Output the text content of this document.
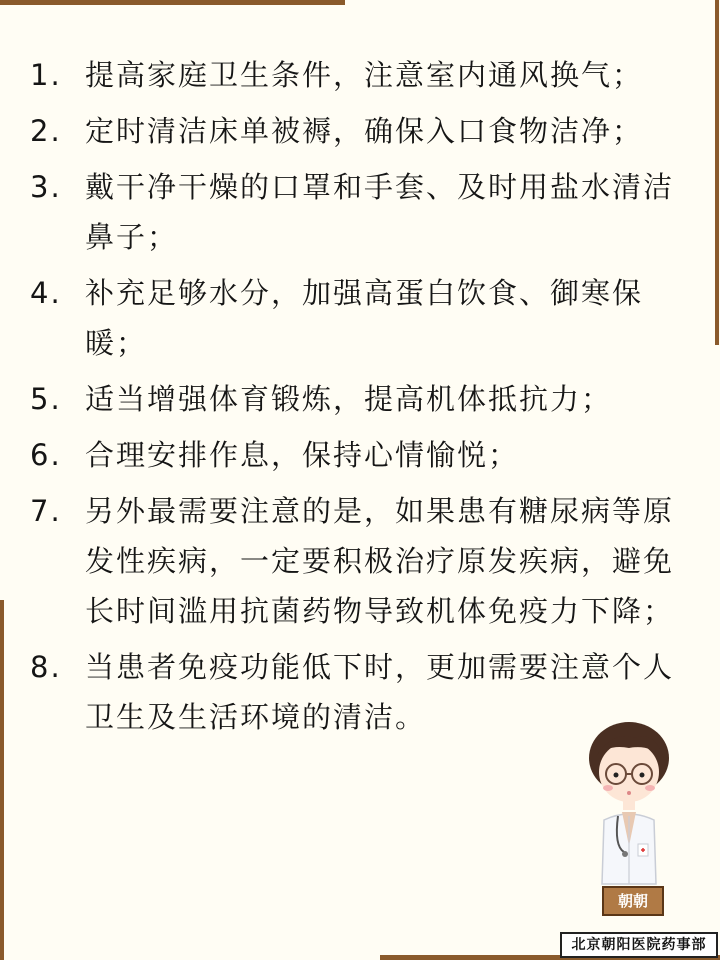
1. 提高家庭卫生条件，注意室内通风换气；
2. 定时清洁床单被褥，确保入口食物洁净；
3. 戴干净干燥的口罩和手套、及时用盐水清洁鼻子；
4. 补充足够水分，加强高蛋白饮食、御寒保暖；
5. 适当增强体育锻炼，提高机体抵抗力；
6. 合理安排作息，保持心情愉悦；
7. 另外最需要注意的是，如果患有糖尿病等原发性疾病，一定要积极治疗原发疾病，避免长时间滥用抗菌药物导致机体免疫力下降；
8. 当患者免疫功能低下时，更加需要注意个人卫生及生活环境的清洁。
朝朝
北京朝阳医院药事部
